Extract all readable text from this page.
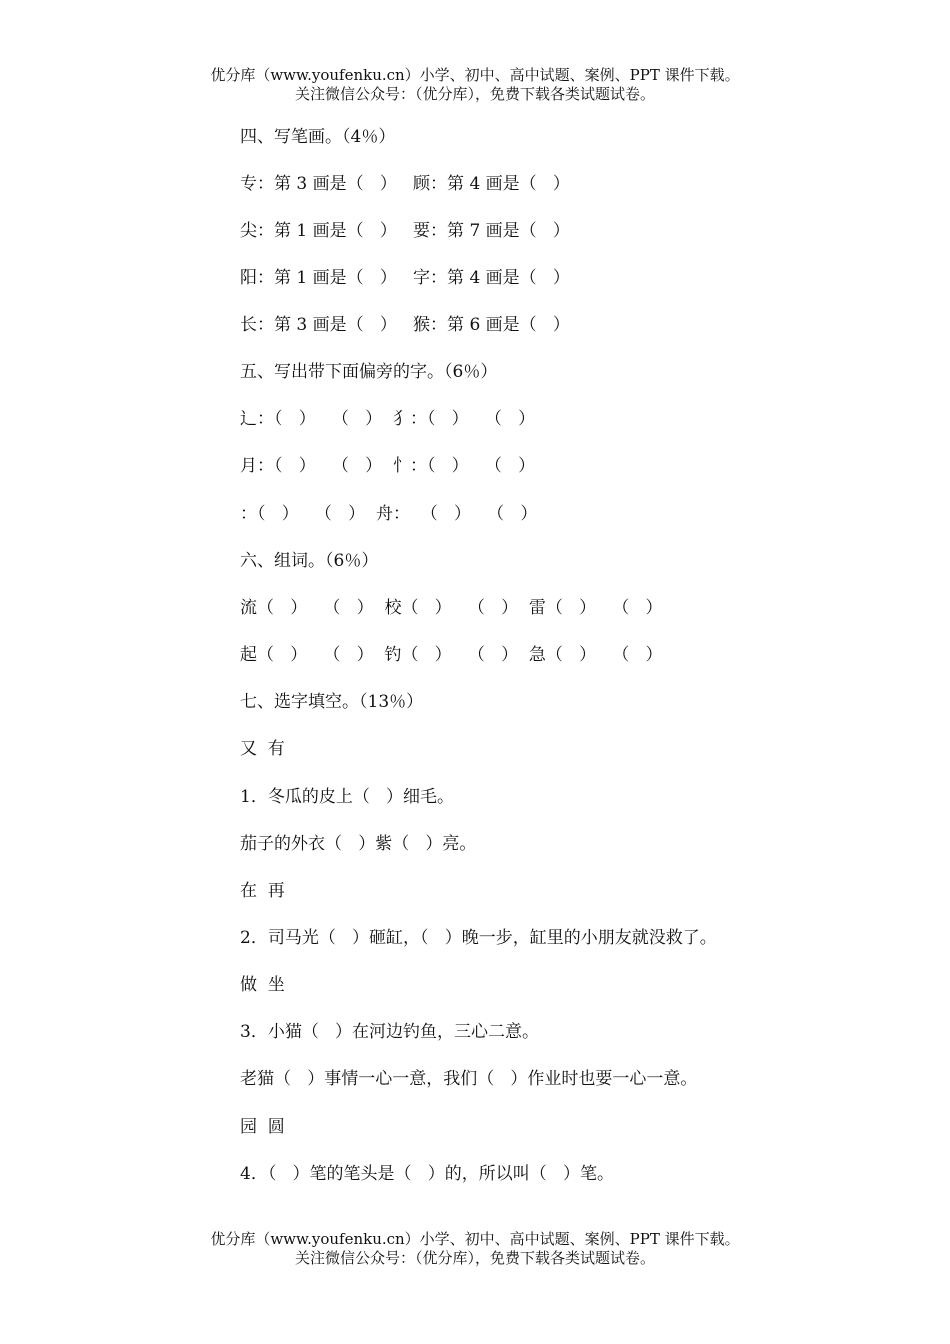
优分库（www.youfenku.cn）小学、初中、高中试题、案例、PPT 课件下载。
关注微信公众号：（优分库），免费下载各类试题试卷。
四、写笔画。（4％）
专：第 3 画是（   ）   顾：第 4 画是（   ）
尖：第 1 画是（   ）   要：第 7 画是（   ）
阳：第 1 画是（   ）   字：第 4 画是（   ）
长：第 3 画是（   ）   猴：第 6 画是（   ）
五、写出带下面偏旁的字。（6％）
辶：（   ）   （   ）  犭：（   ）   （   ）
月：（   ）   （   ）  忄：（   ）   （   ）
：（   ）   （   ）  舟：  （   ）   （   ）
六、组词。（6％）
流（   ）   （   ）  校（   ）   （   ）  雷（   ）   （   ）
起（   ）   （   ）  钓（   ）   （   ）  急（   ）   （   ）
七、选字填空。（13％）
又  有
1．冬瓜的皮上（   ）细毛。
茄子的外衣（   ）紫（   ）亮。
在  再
2．司马光（   ）砸缸，（   ）晚一步，缸里的小朋友就没救了。
做  坐
3．小猫（   ）在河边钓鱼，三心二意。
老猫（   ）事情一心一意，我们（   ）作业时也要一心一意。
园  圆
4．（   ）笔的笔头是（   ）的，所以叫（   ）笔。
优分库（www.youfenku.cn）小学、初中、高中试题、案例、PPT 课件下载。
关注微信公众号：（优分库），免费下载各类试题试卷。
